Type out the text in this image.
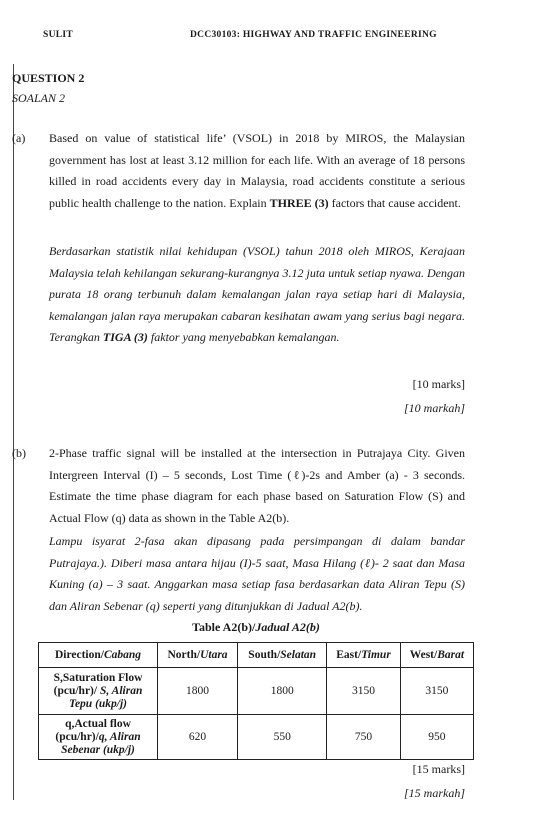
SULIT	DCC30103: HIGHWAY AND TRAFFIC ENGINEERING
QUESTION 2
SOALAN 2
(a) Based on value of statistical life’ (VSOL) in 2018 by MIROS, the Malaysian government has lost at least 3.12 million for each life. With an average of 18 persons killed in road accidents every day in Malaysia, road accidents constitute a serious public health challenge to the nation. Explain THREE (3) factors that cause accident.
Berdasarkan statistik nilai kehidupan (VSOL) tahun 2018 oleh MIROS, Kerajaan Malaysia telah kehilangan sekurang-kurangnya 3.12 juta untuk setiap nyawa. Dengan purata 18 orang terbunuh dalam kemalangan jalan raya setiap hari di Malaysia, kemalangan jalan raya merupakan cabaran kesihatan awam yang serius bagi negara. Terangkan TIGA (3) faktor yang menyebabkan kemalangan.
[10 marks]
[10 markah]
(b) 2-Phase traffic signal will be installed at the intersection in Putrajaya City. Given Intergreen Interval (I) – 5 seconds, Lost Time (ℓ)-2s and Amber (a) - 3 seconds. Estimate the time phase diagram for each phase based on Saturation Flow (S) and Actual Flow (q) data as shown in the Table A2(b).
Lampu isyarat 2-fasa akan dipasang pada persimpangan di dalam bandar Putrajaya.). Diberi masa antara hijau (I)-5 saat, Masa Hilang (ℓ)- 2 saat dan Masa Kuning (a) – 3 saat. Anggarkan masa setiap fasa berdasarkan data Aliran Tepu (S) dan Aliran Sebenar (q) seperti yang ditunjukkan di Jadual A2(b).
Table A2(b)/Jadual A2(b)
Direction/Cabang	North/Utara	South/Selatan	East/Timur	West/Barat
S,Saturation Flow (pcu/hr)/ S, Aliran Tepu (ukp/j)	1800	1800	3150	3150
q,Actual flow (pcu/hr)/q, Aliran Sebenar (ukp/j)	620	550	750	950
[15 marks]
[15 markah]
